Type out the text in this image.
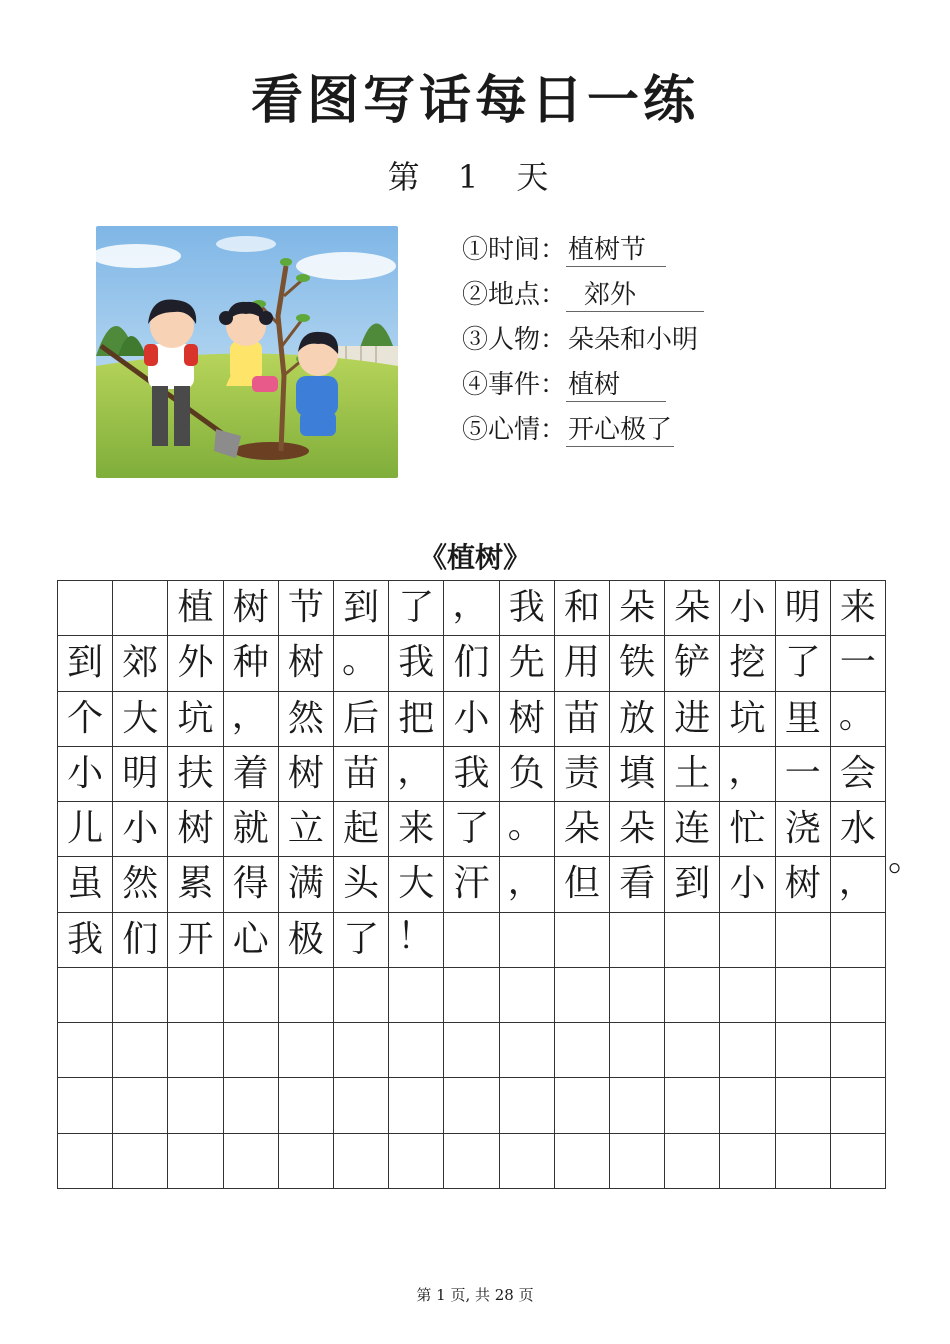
看图写话每日一练
第 1 天
①时间：植树节
②地点： 郊外
③人物：朵朵和小明
④事件：植树
⑤心情：开心极了
《植树》
植 树 节 到 了 ， 我 和 朵 朵 小 明 来
到 郊 外 种 树 。 我 们 先 用 铁 铲 挖 了 一
个 大 坑 ， 然 后 把 小 树 苗 放 进 坑 里 。
小 明 扶 着 树 苗 ， 我 负 责 填 土 ， 一 会
儿 小 树 就 立 起 来 了 。 朵 朵 连 忙 浇 水
虽 然 累 得 满 头 大 汗 ， 但 看 到 小 树 ，
我 们 开 心 极 了 ！
。
第 1 页, 共 28 页
